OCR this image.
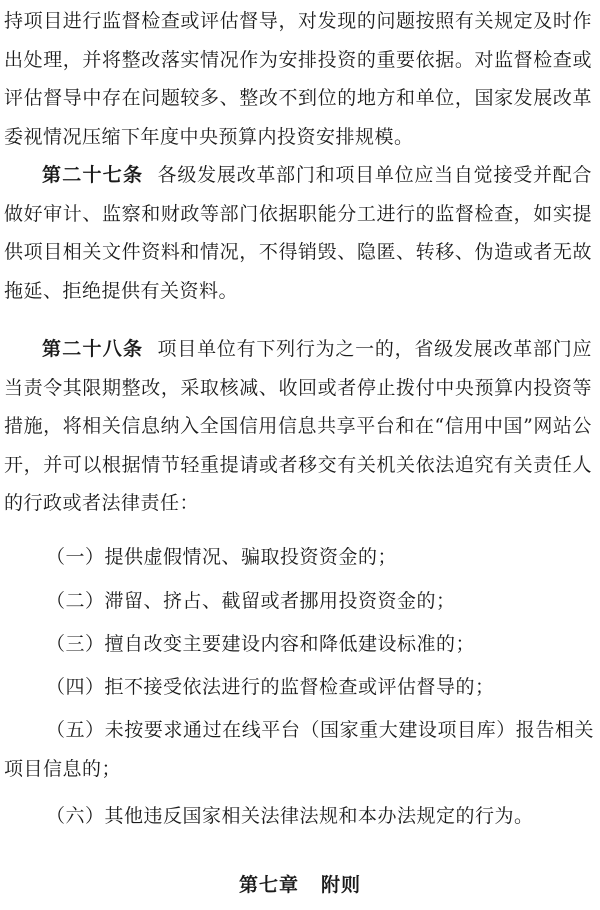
持项目进行监督检查或评估督导，对发现的问题按照有关规定及时作出处理，并将整改落实情况作为安排投资的重要依据。对监督检查或评估督导中存在问题较多、整改不到位的地方和单位，国家发展改革委视情况压缩下年度中央预算内投资安排规模。

第二十七条 各级发展改革部门和项目单位应当自觉接受并配合做好审计、监察和财政等部门依据职能分工进行的监督检查，如实提供项目相关文件资料和情况，不得销毁、隐匿、转移、伪造或者无故拖延、拒绝提供有关资料。

第二十八条 项目单位有下列行为之一的，省级发展改革部门应当责令其限期整改，采取核减、收回或者停止拨付中央预算内投资等措施，将相关信息纳入全国信用信息共享平台和在“信用中国”网站公开，并可以根据情节轻重提请或者移交有关机关依法追究有关责任人的行政或者法律责任：

（一）提供虚假情况、骗取投资资金的；

（二）滞留、挤占、截留或者挪用投资资金的；

（三）擅自改变主要建设内容和降低建设标准的；

（四）拒不接受依法进行的监督检查或评估督导的；

（五）未按要求通过在线平台（国家重大建设项目库）报告相关项目信息的；

（六）其他违反国家相关法律法规和本办法规定的行为。

第七章 附则
